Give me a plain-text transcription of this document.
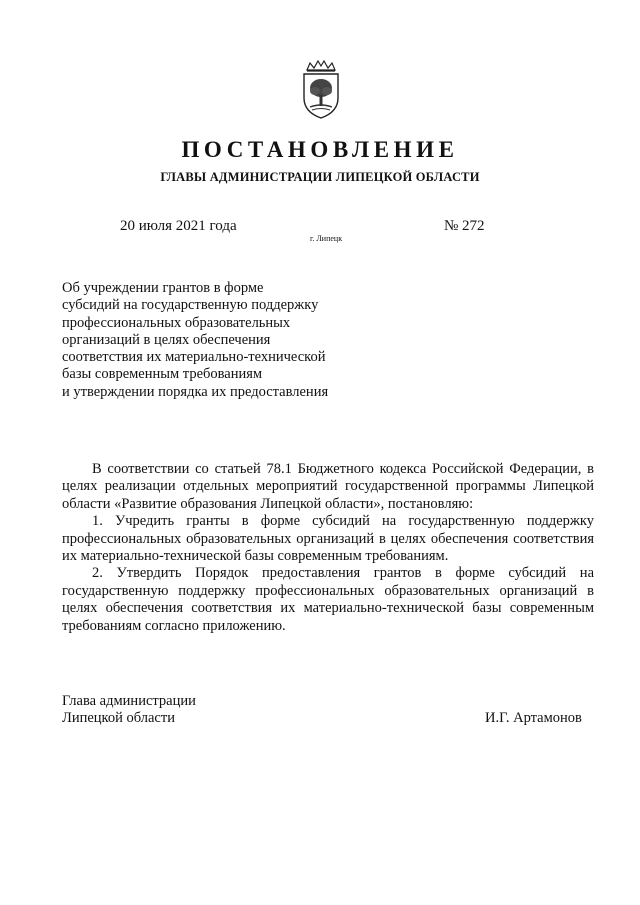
ПОСТАНОВЛЕНИЕ
ГЛАВЫ АДМИНИСТРАЦИИ ЛИПЕЦКОЙ ОБЛАСТИ
20 июля 2021 года
г. Липецк
№ 272
Об учреждении грантов в форме
субсидий на государственную поддержку
профессиональных образовательных
организаций в целях обеспечения
соответствия их материально-технической
базы современным требованиям
и утверждении порядка их предоставления

В соответствии со статьей 78.1 Бюджетного кодекса Российской Федерации, в целях реализации отдельных мероприятий государственной программы Липецкой области «Развитие образования Липецкой области», постановляю:

1. Учредить гранты в форме субсидий на государственную поддержку профессиональных образовательных организаций в целях обеспечения соответствия их материально-технической базы современным требованиям.

2. Утвердить Порядок предоставления грантов в форме субсидий на государственную поддержку профессиональных образовательных организаций в целях обеспечения соответствия их материально-технической базы современным требованиям согласно приложению.

Глава администрации
Липецкой области	И.Г. Артамонов
